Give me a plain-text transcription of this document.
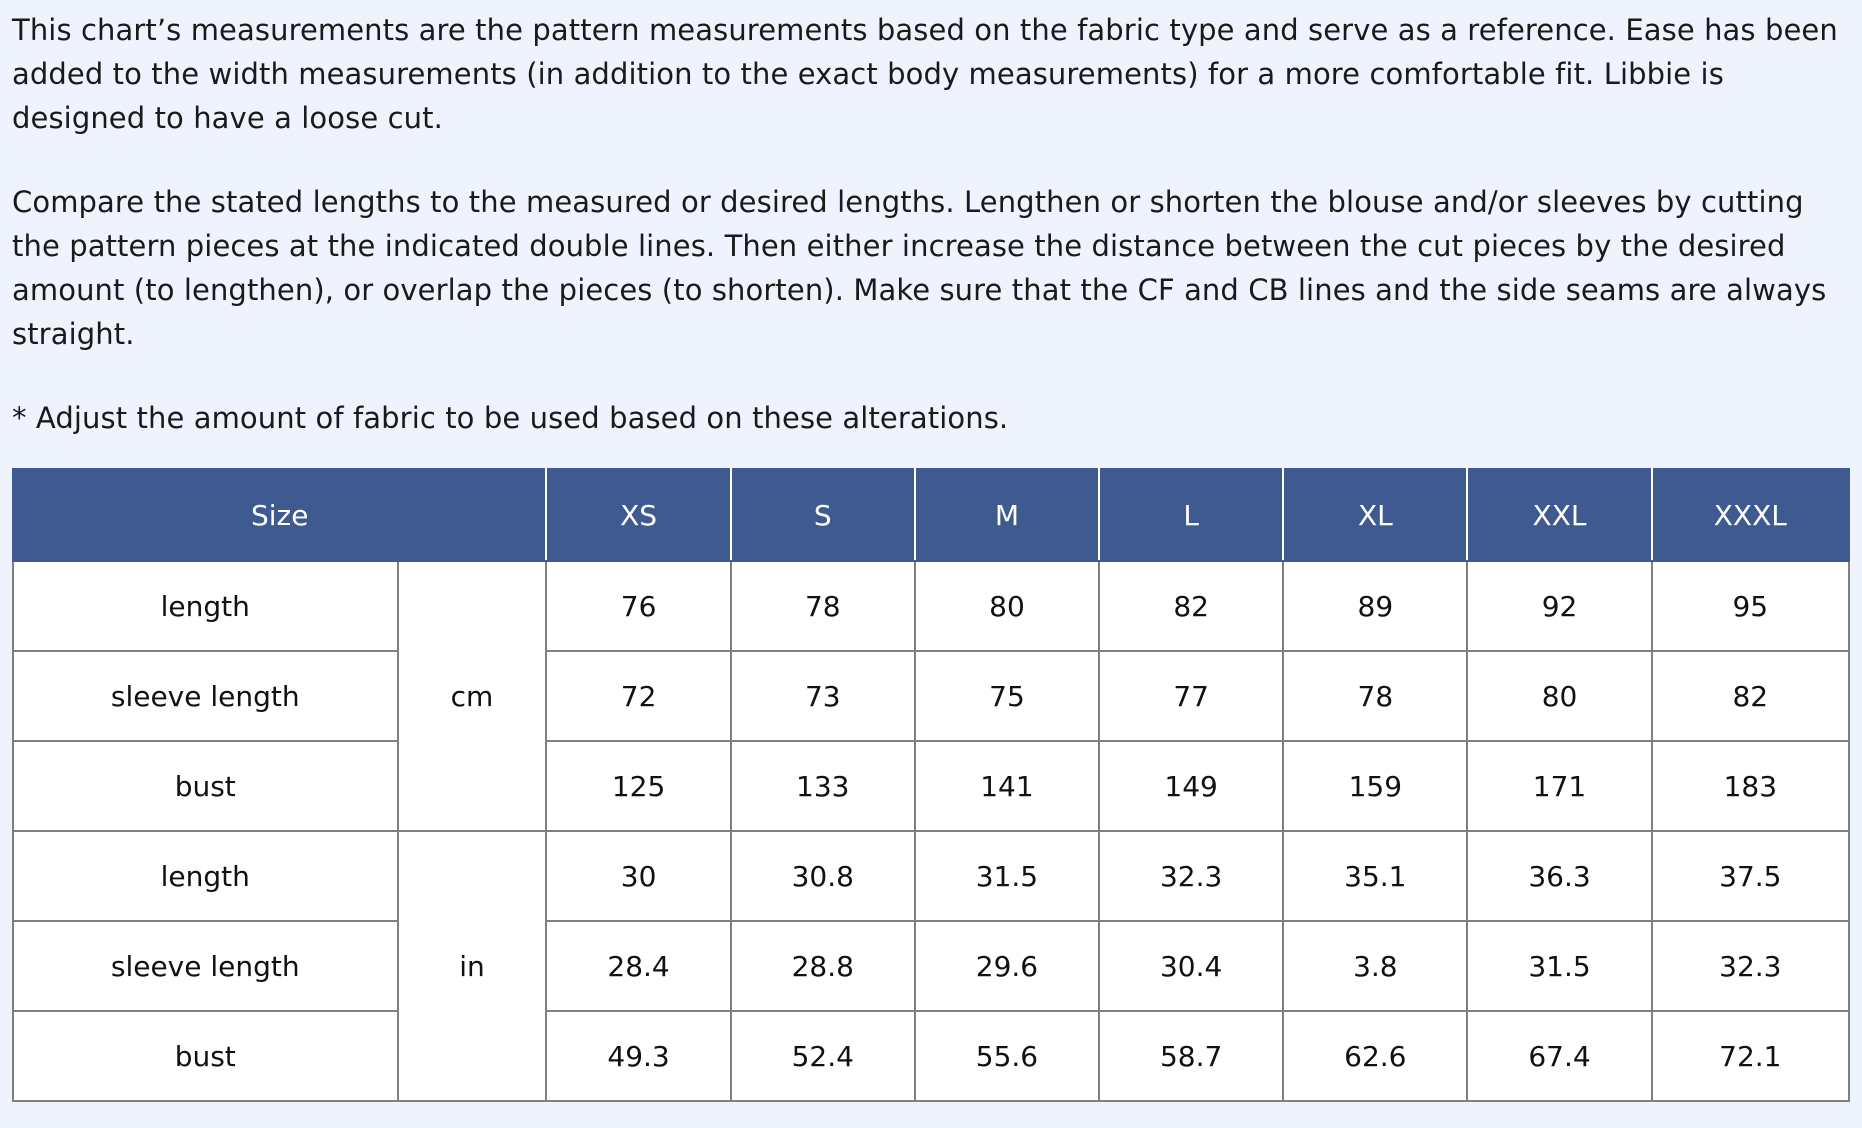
This chart’s measurements are the pattern measurements based on the fabric type and serve as a reference. Ease has been added to the width measurements (in addition to the exact body measurements) for a more comfortable fit. Libbie is designed to have a loose cut.

Compare the stated lengths to the measured or desired lengths. Lengthen or shorten the blouse and/or sleeves by cutting the pattern pieces at the indicated double lines. Then either increase the distance between the cut pieces by the desired amount (to lengthen), or overlap the pieces (to shorten). Make sure that the CF and CB lines and the side seams are always straight.

* Adjust the amount of fabric to be used based on these alterations.

Size		XS	S	M	L	XL	XXL	XXXL
length	cm	76	78	80	82	89	92	95
sleeve length		72	73	75	77	78	80	82
bust		125	133	141	149	159	171	183
length	in	30	30.8	31.5	32.3	35.1	36.3	37.5
sleeve length		28.4	28.8	29.6	30.4	3.8	31.5	32.3
bust		49.3	52.4	55.6	58.7	62.6	67.4	72.1
